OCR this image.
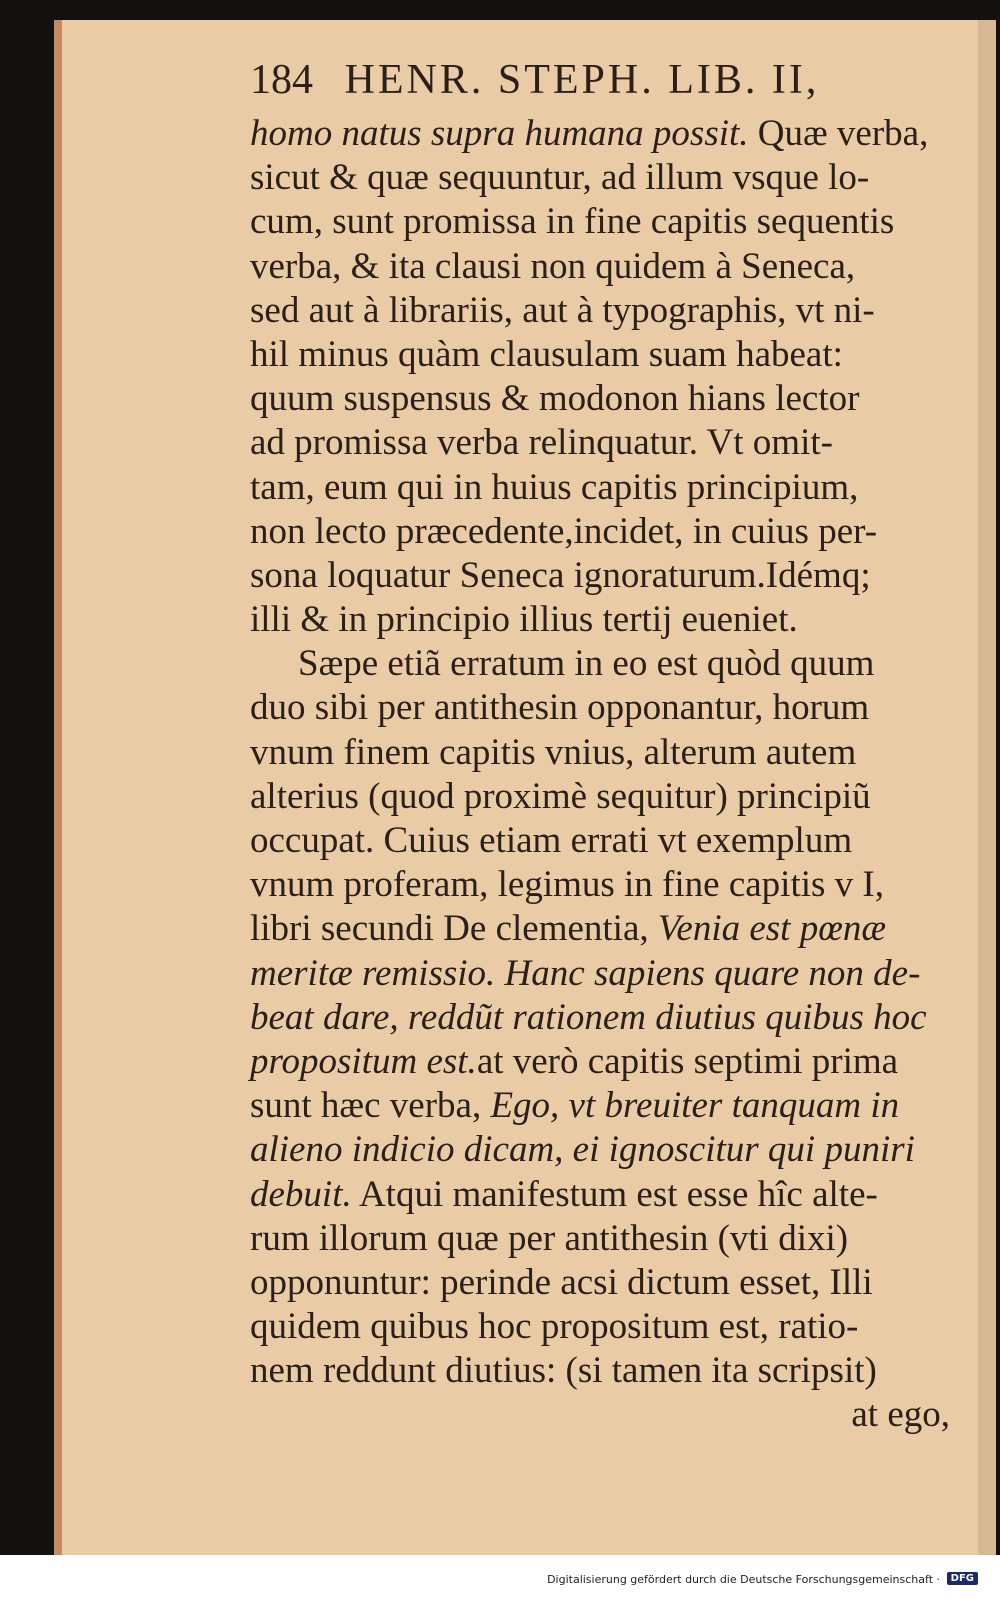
184 HENR. STEPH. LIB. II,
homo natus supra humana possit. Quæ verba,
sicut & quæ sequuntur, ad illum vsque lo-
cum, sunt promissa in fine capitis sequentis
verba, & ita clausi non quidem à Seneca,
sed aut à librariis, aut à typographis, vt ni-
hil minus quàm clausulam suam habeat:
quum suspensus & modonon hians lector
ad promissa verba relinquatur. Vt omit-
tam, eum qui in huius capitis principium,
non lecto præcedente,incidet, in cuius per-
sona loquatur Seneca ignoraturum.Idémq;
illi & in principio illius tertij eueniet.
Sæpe etiã erratum in eo est quòd quum
duo sibi per antithesin opponantur, horum
vnum finem capitis vnius, alterum autem
alterius (quod proximè sequitur) principiũ
occupat. Cuius etiam errati vt exemplum
vnum proferam, legimus in fine capitis v I,
libri secundi De clementia, Venia est pœnæ
meritæ remissio. Hanc sapiens quare non de-
beat dare, reddũt rationem diutius quibus hoc
propositum est.at verò capitis septimi prima
sunt hæc verba, Ego, vt breuiter tanquam in
alieno indicio dicam, ei ignoscitur qui puniri
debuit. Atqui manifestum est esse hîc alte-
rum illorum quæ per antithesin (vti dixi)
opponuntur: perinde acsi dictum esset, Illi
quidem quibus hoc propositum est, ratio-
nem reddunt diutius: (si tamen ita scripsit)
at ego,
Digitalisierung gefördert durch die Deutsche Forschungsgemeinschaft ·	DFG
